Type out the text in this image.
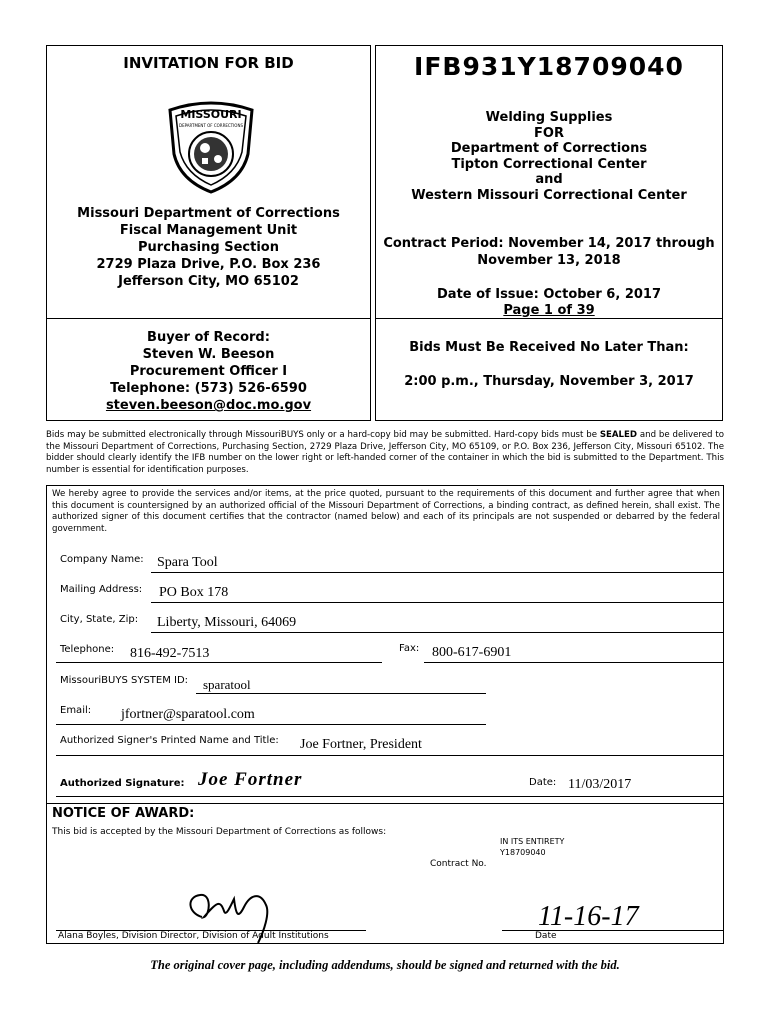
INVITATION FOR BID	IFB931Y18709040
MISSOURI
DEPARTMENT OF CORRECTIONS
Missouri Department of Corrections
Fiscal Management Unit
Purchasing Section
2729 Plaza Drive, P.O. Box 236
Jefferson City, MO 65102
Welding Supplies
FOR
Department of Corrections
Tipton Correctional Center
and
Western Missouri Correctional Center
Contract Period: November 14, 2017 through
November 13, 2018
Date of Issue: October 6, 2017
Page 1 of 39
Buyer of Record:
Steven W. Beeson
Procurement Officer I
Telephone: (573) 526-6590
steven.beeson@doc.mo.gov
Bids Must Be Received No Later Than:
2:00 p.m., Thursday, November 3, 2017
Bids may be submitted electronically through MissouriBUYS only or a hard-copy bid may be submitted. Hard-copy bids must be SEALED and be delivered to the Missouri Department of Corrections, Purchasing Section, 2729 Plaza Drive, Jefferson City, MO 65109, or P.O. Box 236, Jefferson City, Missouri 65102. The bidder should clearly identify the IFB number on the lower right or left-handed corner of the container in which the bid is submitted to the Department. This number is essential for identification purposes.
We hereby agree to provide the services and/or items, at the price quoted, pursuant to the requirements of this document and further agree that when this document is countersigned by an authorized official of the Missouri Department of Corrections, a binding contract, as defined herein, shall exist. The authorized signer of this document certifies that the contractor (named below) and each of its principals are not suspended or debarred by the federal government.
Company Name: Spara Tool
Mailing Address: PO Box 178
City, State, Zip: Liberty, Missouri, 64069
Telephone: 816-492-7513	Fax: 800-617-6901
MissouriBUYS SYSTEM ID: sparatool
Email: jfortner@sparatool.com
Authorized Signer's Printed Name and Title: Joe Fortner, President
Authorized Signature: Joe Fortner	Date: 11/03/2017
NOTICE OF AWARD:
This bid is accepted by the Missouri Department of Corrections as follows:
IN ITS ENTIRETY
Y18709040
Contract No.
11-16-17
Alana Boyles, Division Director, Division of Adult Institutions	Date
The original cover page, including addendums, should be signed and returned with the bid.
